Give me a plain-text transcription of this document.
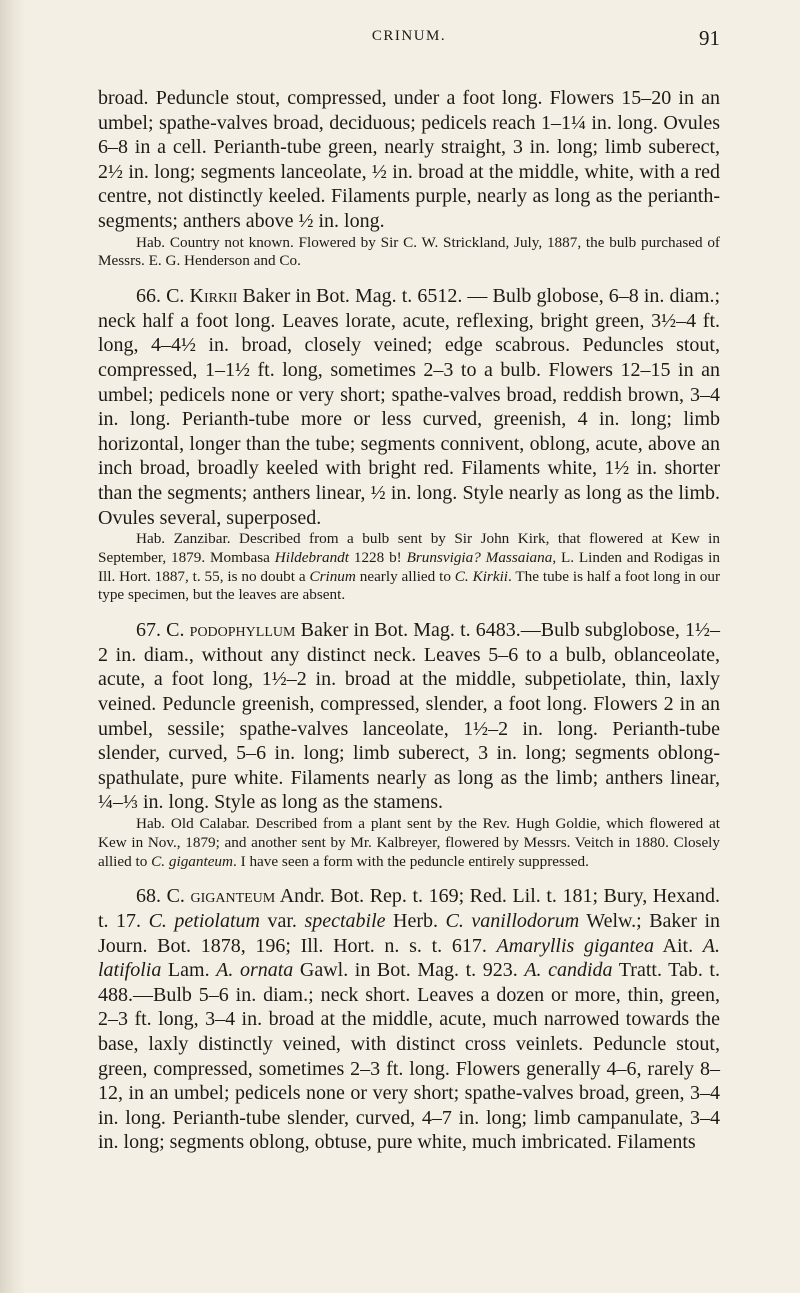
CRINUM.	91

broad. Peduncle stout, compressed, under a foot long. Flowers 15–20 in an umbel; spathe-valves broad, deciduous; pedicels reach 1–1¼ in. long. Ovules 6–8 in a cell. Perianth-tube green, nearly straight, 3 in. long; limb suberect, 2½ in. long; segments lanceolate, ½ in. broad at the middle, white, with a red centre, not distinctly keeled. Filaments purple, nearly as long as the perianth-segments; anthers above ½ in. long.

Hab. Country not known. Flowered by Sir C. W. Strickland, July, 1887, the bulb purchased of Messrs. E. G. Henderson and Co.

66. C. Kirkii Baker in Bot. Mag. t. 6512. — Bulb globose, 6–8 in. diam.; neck half a foot long. Leaves lorate, acute, reflexing, bright green, 3½–4 ft. long, 4–4½ in. broad, closely veined; edge scabrous. Peduncles stout, compressed, 1–1½ ft. long, sometimes 2–3 to a bulb. Flowers 12–15 in an umbel; pedicels none or very short; spathe-valves broad, reddish brown, 3–4 in. long. Perianth-tube more or less curved, greenish, 4 in. long; limb horizontal, longer than the tube; segments connivent, oblong, acute, above an inch broad, broadly keeled with bright red. Filaments white, 1½ in. shorter than the segments; anthers linear, ½ in. long. Style nearly as long as the limb. Ovules several, superposed.

Hab. Zanzibar. Described from a bulb sent by Sir John Kirk, that flowered at Kew in September, 1879. Mombasa Hildebrandt 1228 b! Brunsvigia? Massaiana, L. Linden and Rodigas in Ill. Hort. 1887, t. 55, is no doubt a Crinum nearly allied to C. Kirkii. The tube is half a foot long in our type specimen, but the leaves are absent.

67. C. podophyllum Baker in Bot. Mag. t. 6483.—Bulb subglobose, 1½–2 in. diam., without any distinct neck. Leaves 5–6 to a bulb, oblanceolate, acute, a foot long, 1½–2 in. broad at the middle, subpetiolate, thin, laxly veined. Peduncle greenish, compressed, slender, a foot long. Flowers 2 in an umbel, sessile; spathe-valves lanceolate, 1½–2 in. long. Perianth-tube slender, curved, 5–6 in. long; limb suberect, 3 in. long; segments oblong-spathulate, pure white. Filaments nearly as long as the limb; anthers linear, ¼–⅓ in. long. Style as long as the stamens.

Hab. Old Calabar. Described from a plant sent by the Rev. Hugh Goldie, which flowered at Kew in Nov., 1879; and another sent by Mr. Kalbreyer, flowered by Messrs. Veitch in 1880. Closely allied to C. giganteum. I have seen a form with the peduncle entirely suppressed.

68. C. giganteum Andr. Bot. Rep. t. 169; Red. Lil. t. 181; Bury, Hexand. t. 17. C. petiolatum var. spectabile Herb. C. vanillodorum Welw.; Baker in Journ. Bot. 1878, 196; Ill. Hort. n. s. t. 617. Amaryllis gigantea Ait. A. latifolia Lam. A. ornata Gawl. in Bot. Mag. t. 923. A. candida Tratt. Tab. t. 488.—Bulb 5–6 in. diam.; neck short. Leaves a dozen or more, thin, green, 2–3 ft. long, 3–4 in. broad at the middle, acute, much narrowed towards the base, laxly distinctly veined, with distinct cross veinlets. Peduncle stout, green, compressed, sometimes 2–3 ft. long. Flowers generally 4–6, rarely 8–12, in an umbel; pedicels none or very short; spathe-valves broad, green, 3–4 in. long. Perianth-tube slender, curved, 4–7 in. long; limb campanulate, 3–4 in. long; segments oblong, obtuse, pure white, much imbricated. Filaments
